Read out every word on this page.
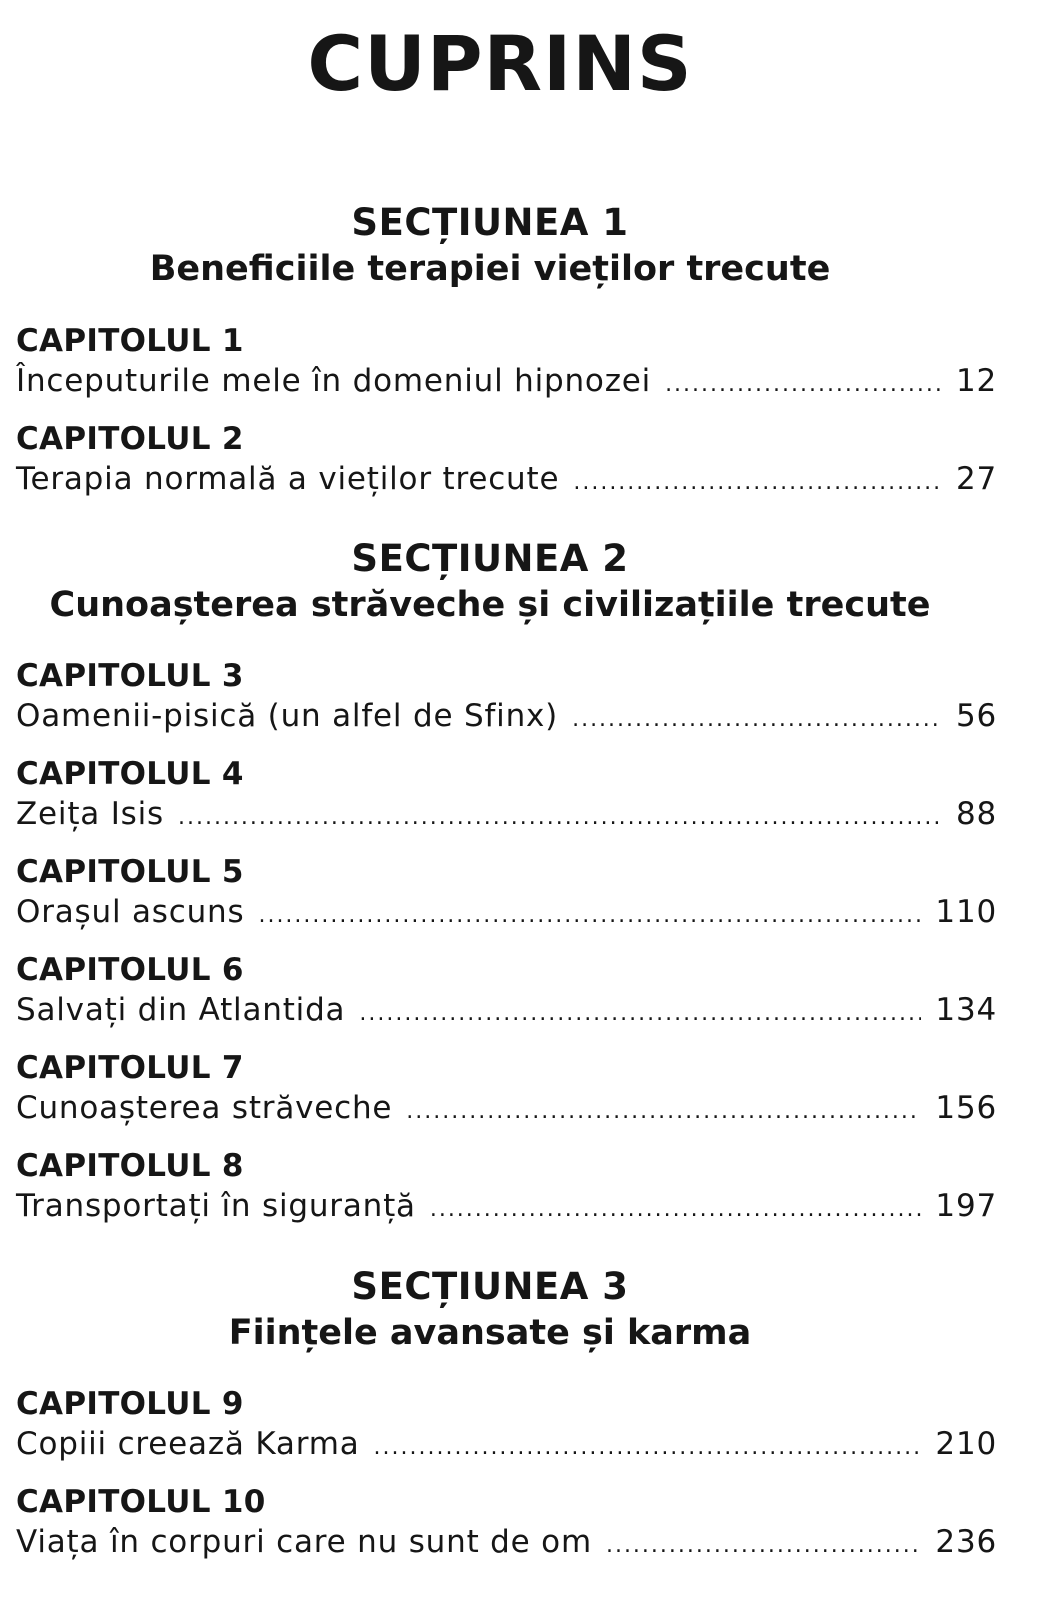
CUPRINS
SECȚIUNEA 1
Beneficiile terapiei vieților trecute
CAPITOLUL 1
Începuturile mele în domeniul hipnozei .....	12
CAPITOLUL 2
Terapia normală a vieților trecute .....	27
SECȚIUNEA 2
Cunoașterea străveche și civilizațiile trecute
CAPITOLUL 3
Oamenii-pisică (un alfel de Sfinx) .....	56
CAPITOLUL 4
Zeița Isis .....	88
CAPITOLUL 5
Orașul ascuns .....	110
CAPITOLUL 6
Salvați din Atlantida .....	134
CAPITOLUL 7
Cunoașterea străveche .....	156
CAPITOLUL 8
Transportați în siguranță .....	197
SECȚIUNEA 3
Ființele avansate și karma
CAPITOLUL 9
Copiii creează Karma .....	210
CAPITOLUL 10
Viața în corpuri care nu sunt de om .....	236
